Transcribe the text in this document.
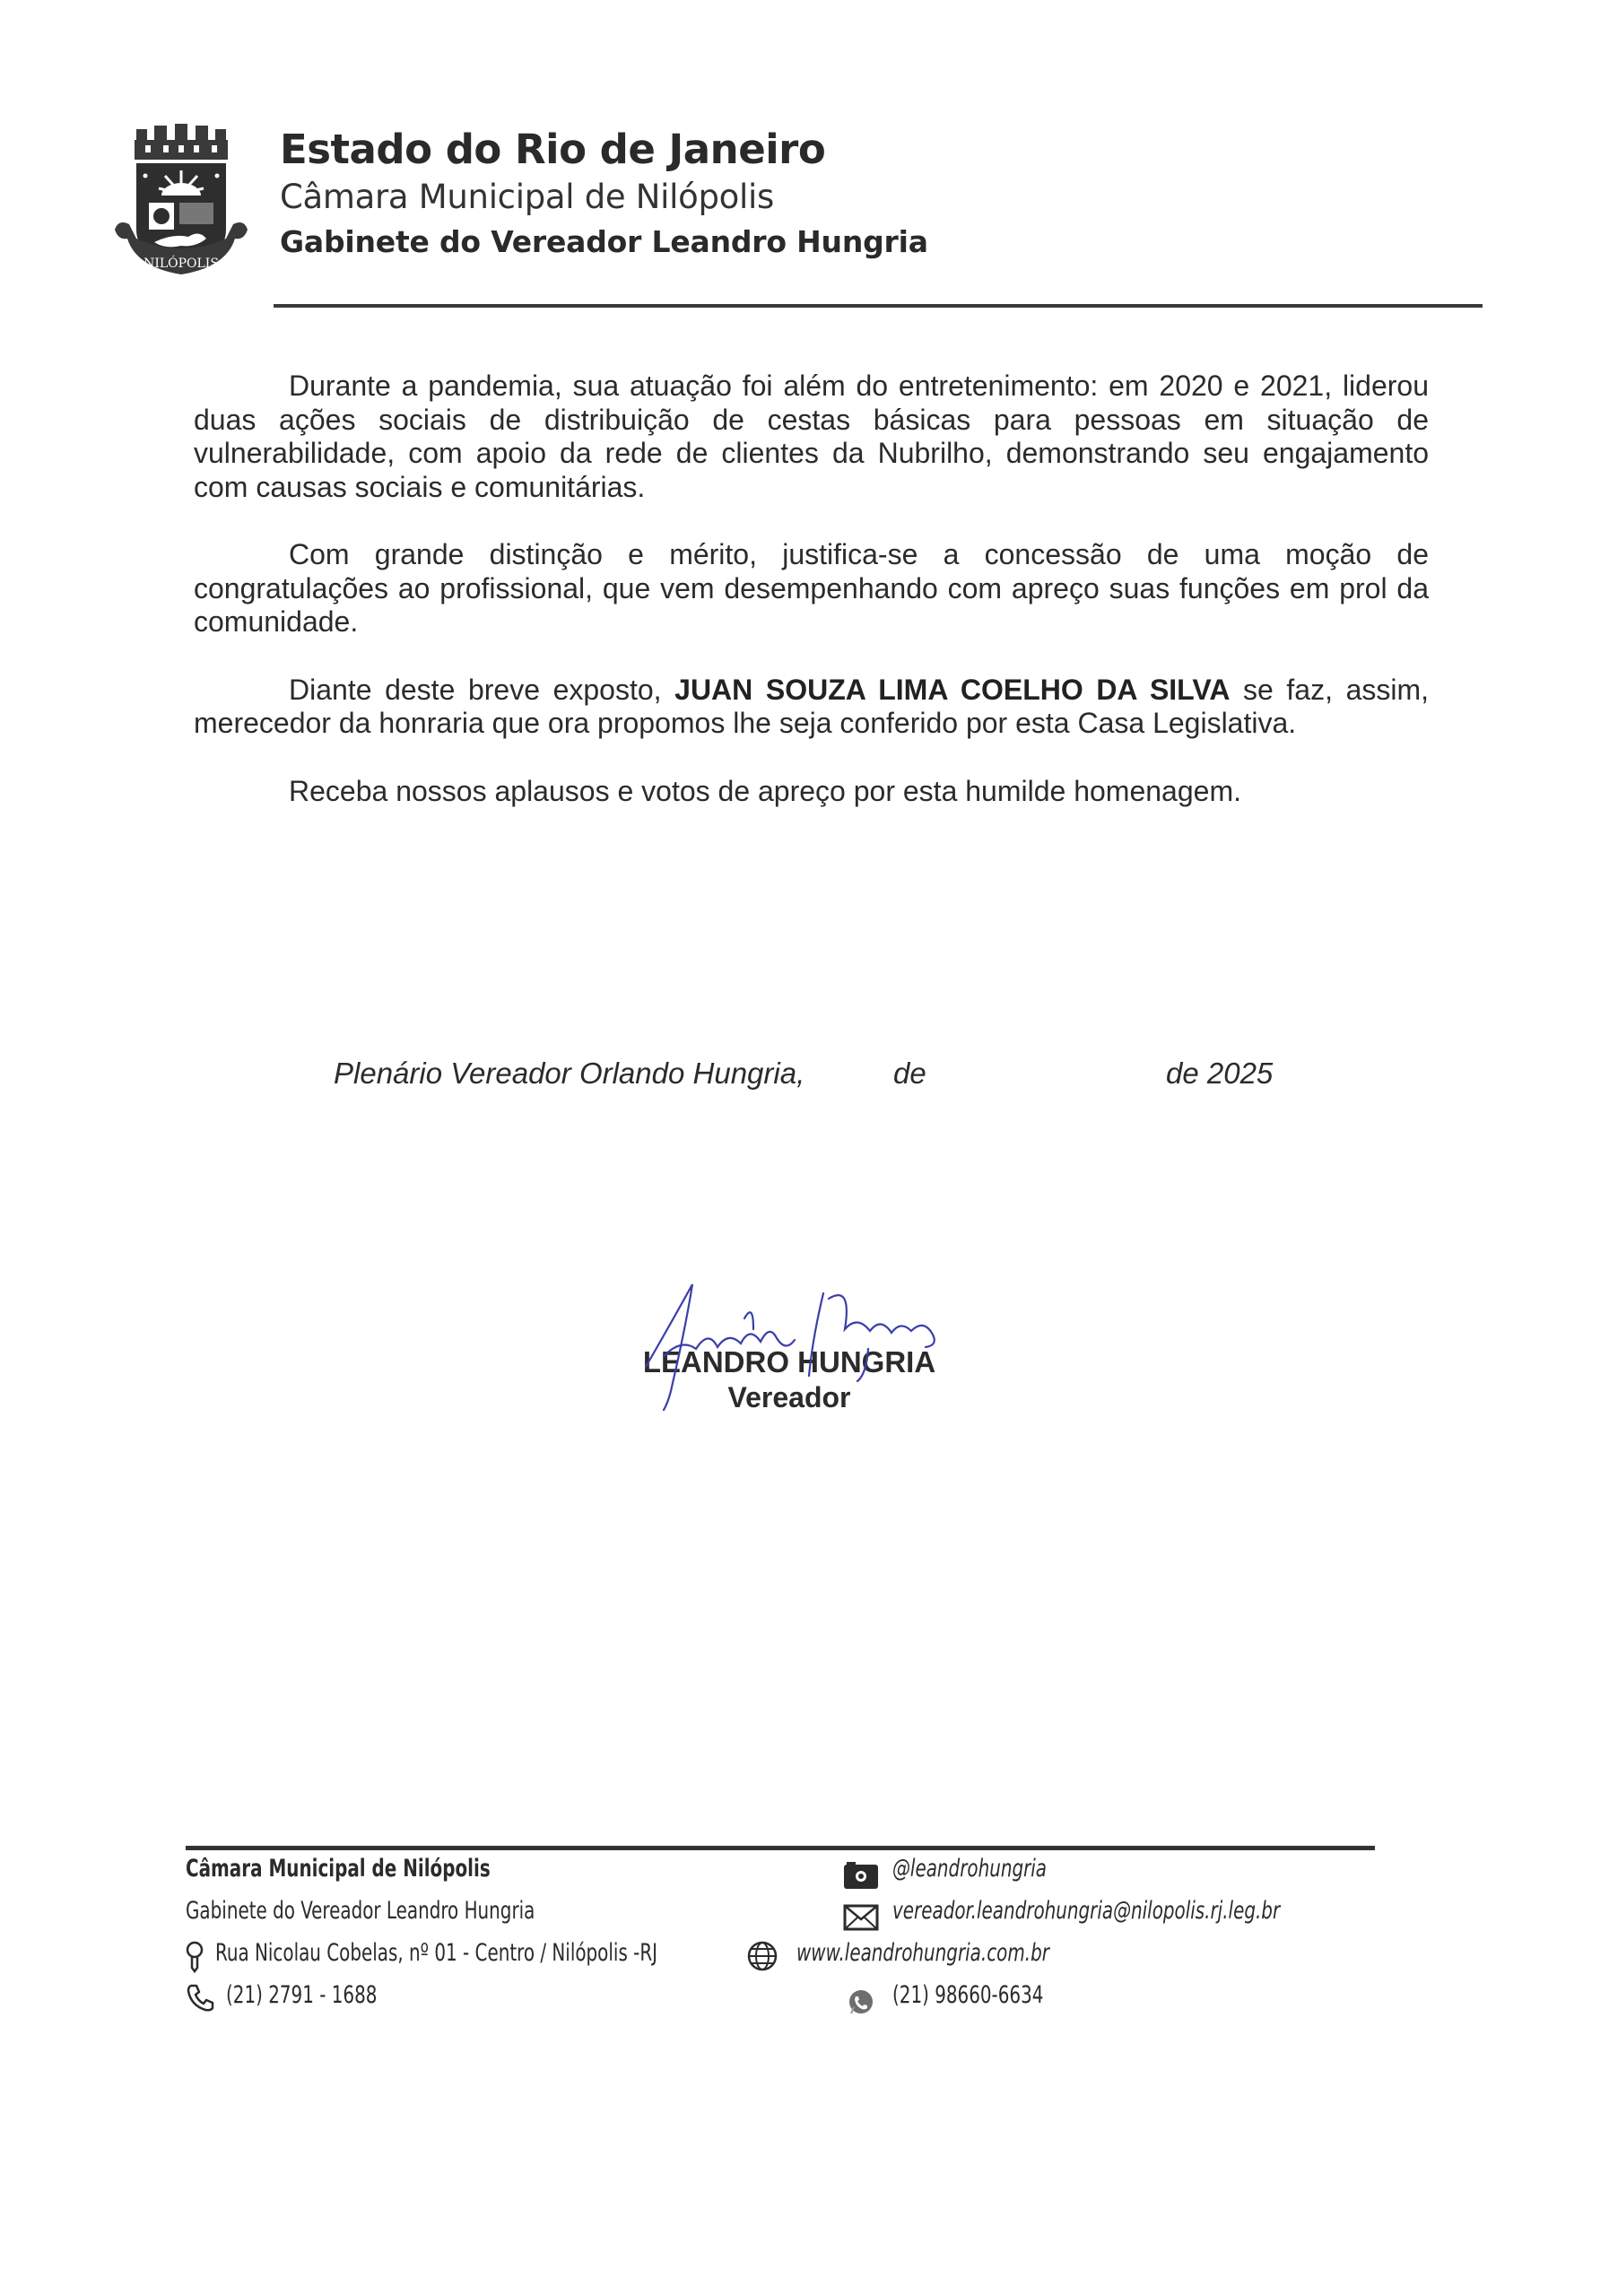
NILÓPOLIS
Estado do Rio de Janeiro
Câmara Municipal de Nilópolis
Gabinete do Vereador Leandro Hungria

Durante a pandemia, sua atuação foi além do entretenimento: em 2020 e 2021, liderou duas ações sociais de distribuição de cestas básicas para pessoas em situação de vulnerabilidade, com apoio da rede de clientes da Nubrilho, demonstrando seu engajamento com causas sociais e comunitárias.

Com grande distinção e mérito, justifica-se a concessão de uma moção de congratulações ao profissional, que vem desempenhando com apreço suas funções em prol da comunidade.

Diante deste breve exposto, JUAN SOUZA LIMA COELHO DA SILVA se faz, assim, merecedor da honraria que ora propomos lhe seja conferido por esta Casa Legislativa.

Receba nossos aplausos e votos de apreço por esta humilde homenagem.

Plenário Vereador Orlando Hungria,	de	de 2025
LEANDRO HUNGRIA
Vereador
Câmara Municipal de Nilópolis
Gabinete do Vereador Leandro Hungria
Rua Nicolau Cobelas, nº 01 - Centro / Nilópolis -RJ
(21) 2791 - 1688
@leandrohungria
vereador.leandrohungria@nilopolis.rj.leg.br
www.leandrohungria.com.br
(21) 98660-6634
